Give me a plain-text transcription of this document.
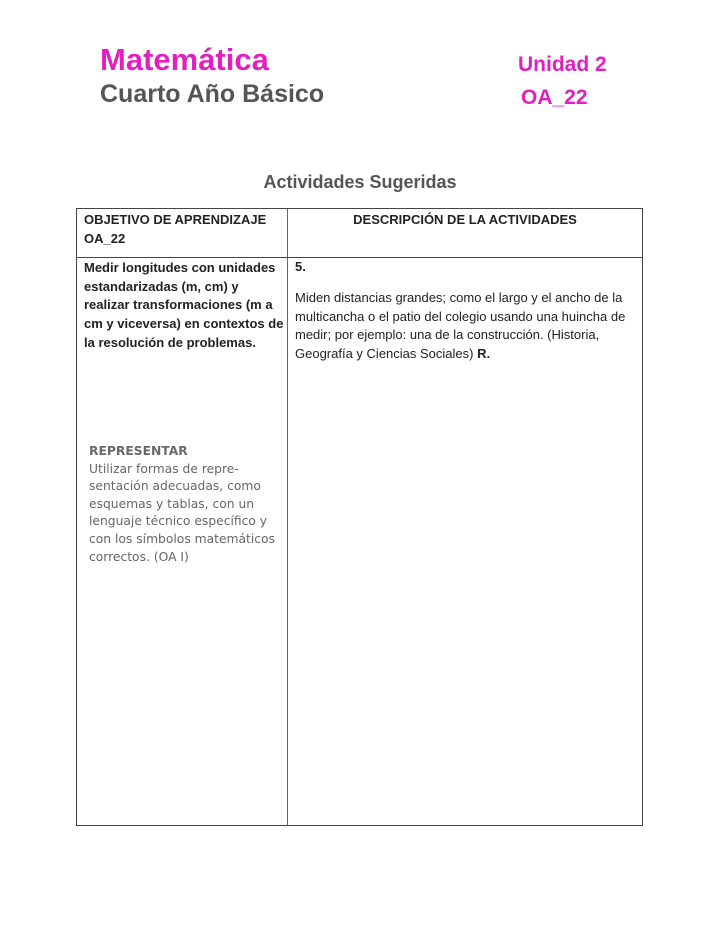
Matemática
Cuarto Año Básico
Unidad 2
OA_22
Actividades Sugeridas
OBJETIVO DE APRENDIZAJE OA_22
DESCRIPCIÓN DE LA ACTIVIDADES
Medir longitudes con unidades estandarizadas (m, cm) y realizar transformaciones (m a cm y viceversa) en contextos de la resolución de problemas.
5.
Miden distancias grandes; como el largo y el ancho de la multicancha o el patio del colegio usando una huincha de medir; por ejemplo: una de la construcción. (Historia, Geografía y Ciencias Sociales) R.
REPRESENTAR
Utilizar formas de repre-sentación adecuadas, como esquemas y tablas, con un lenguaje técnico específico y con los símbolos matemáticos correctos. (OA I)
